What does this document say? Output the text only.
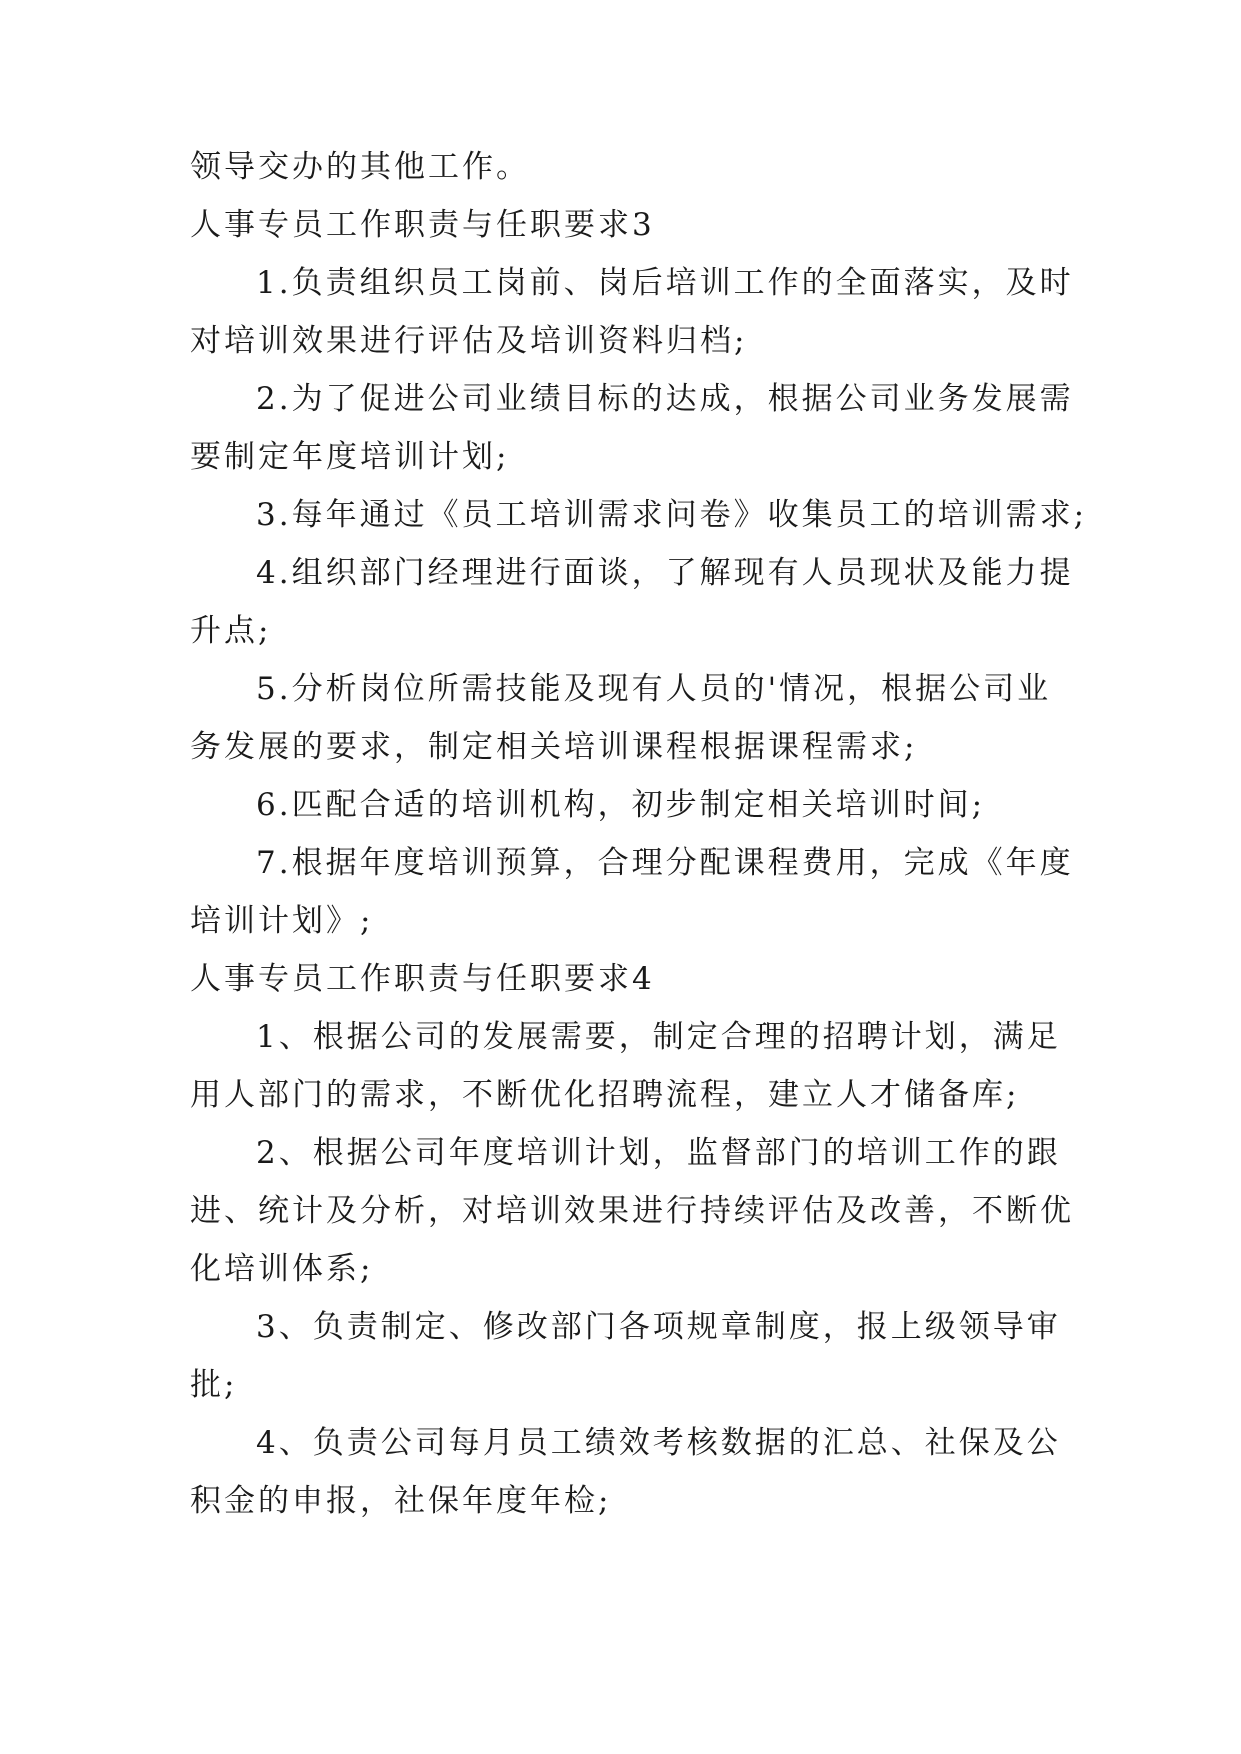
领导交办的其他工作。
人事专员工作职责与任职要求3
1.负责组织员工岗前、岗后培训工作的全面落实，及时
对培训效果进行评估及培训资料归档;
2.为了促进公司业绩目标的达成，根据公司业务发展需
要制定年度培训计划;
3.每年通过《员工培训需求问卷》收集员工的培训需求;
4.组织部门经理进行面谈，了解现有人员现状及能力提
升点;
5.分析岗位所需技能及现有人员的'情况，根据公司业
务发展的要求，制定相关培训课程根据课程需求;
6.匹配合适的培训机构，初步制定相关培训时间;
7.根据年度培训预算，合理分配课程费用，完成《年度
培训计划》;
人事专员工作职责与任职要求4
1、根据公司的发展需要，制定合理的招聘计划，满足
用人部门的需求，不断优化招聘流程，建立人才储备库;
2、根据公司年度培训计划，监督部门的培训工作的跟
进、统计及分析，对培训效果进行持续评估及改善，不断优
化培训体系;
3、负责制定、修改部门各项规章制度，报上级领导审
批;
4、负责公司每月员工绩效考核数据的汇总、社保及公
积金的申报，社保年度年检;
